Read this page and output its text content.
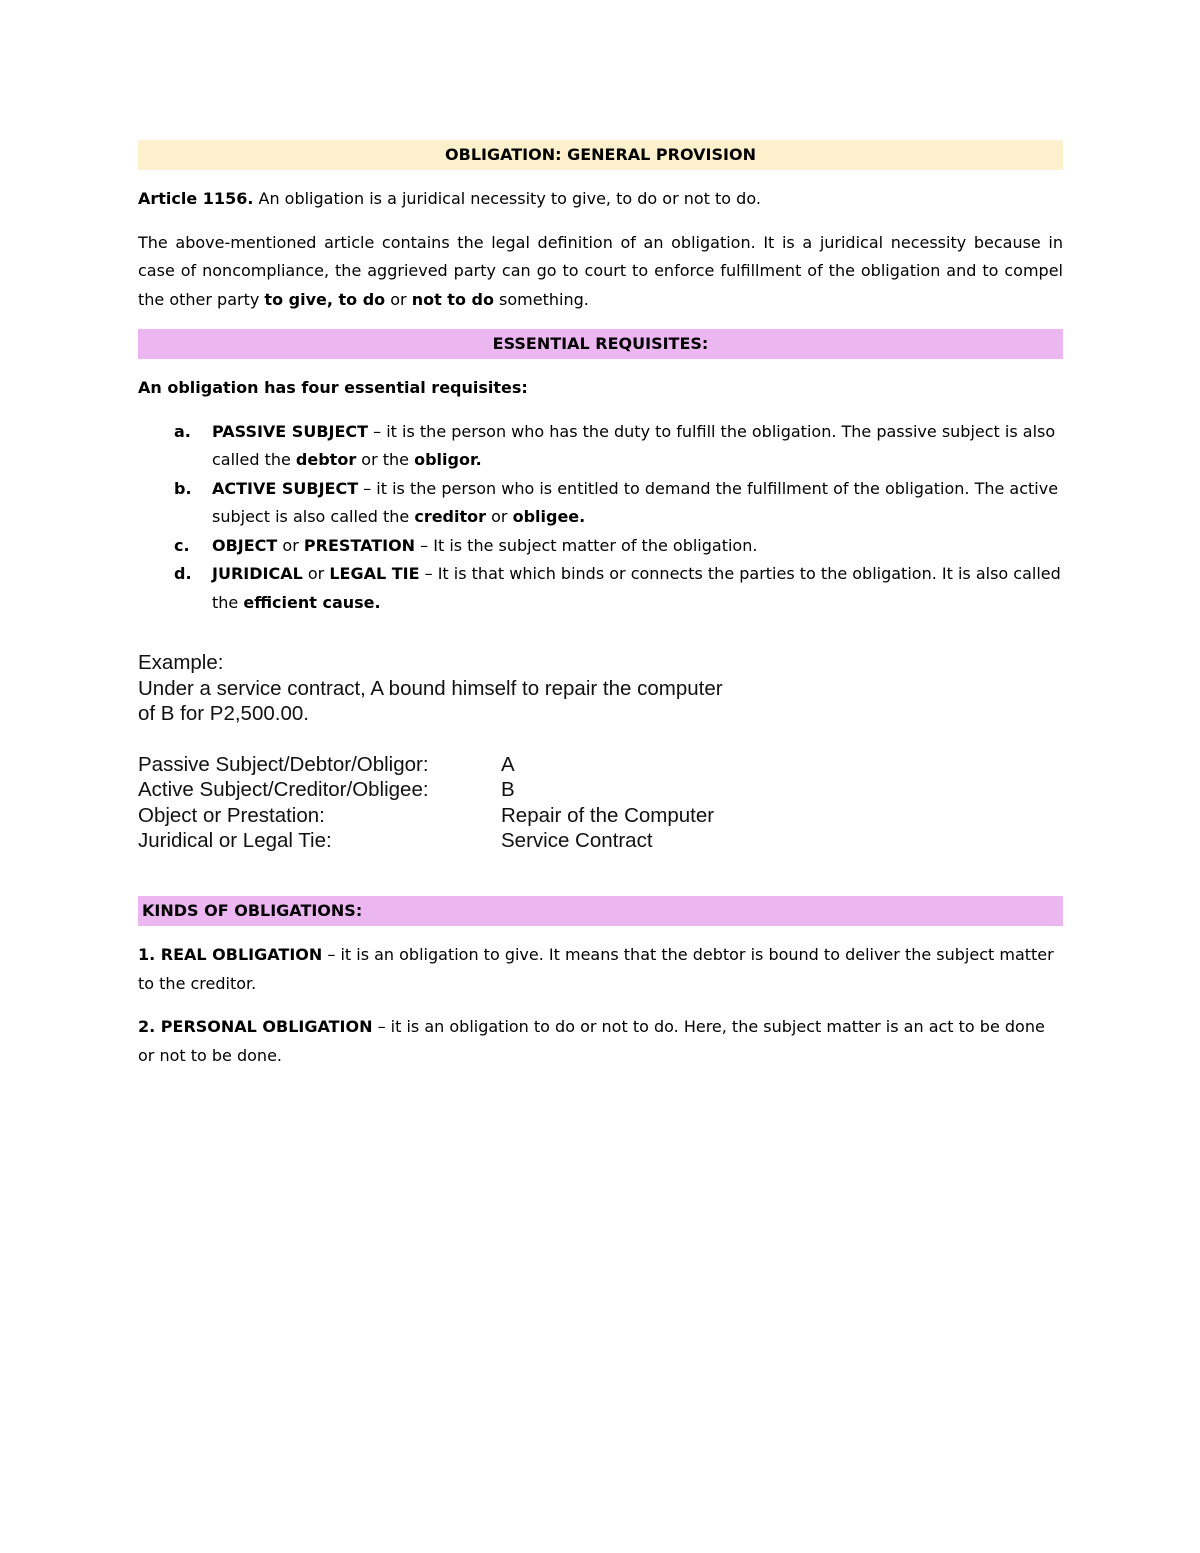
OBLIGATION: GENERAL PROVISION

Article 1156. An obligation is a juridical necessity to give, to do or not to do.

The above-mentioned article contains the legal definition of an obligation. It is a juridical necessity because in case of noncompliance, the aggrieved party can go to court to enforce fulfillment of the obligation and to compel the other party to give, to do or not to do something.

ESSENTIAL REQUISITES:

An obligation has four essential requisites:

a. PASSIVE SUBJECT – it is the person who has the duty to fulfill the obligation. The passive subject is also called the debtor or the obligor.
b. ACTIVE SUBJECT – it is the person who is entitled to demand the fulfillment of the obligation. The active subject is also called the creditor or obligee.
c. OBJECT or PRESTATION – It is the subject matter of the obligation.
d. JURIDICAL or LEGAL TIE – It is that which binds or connects the parties to the obligation. It is also called the efficient cause.
Example:
Under a service contract, A bound himself to repair the computer
of B for P2,500.00.
Passive Subject/Debtor/Obligor:	A
Active Subject/Creditor/Obligee:	B
Object or Prestation:	Repair of the Computer
Juridical or Legal Tie:	Service Contract
KINDS OF OBLIGATIONS:

1. REAL OBLIGATION – it is an obligation to give. It means that the debtor is bound to deliver the subject matter to the creditor.

2. PERSONAL OBLIGATION – it is an obligation to do or not to do. Here, the subject matter is an act to be done or not to be done.
